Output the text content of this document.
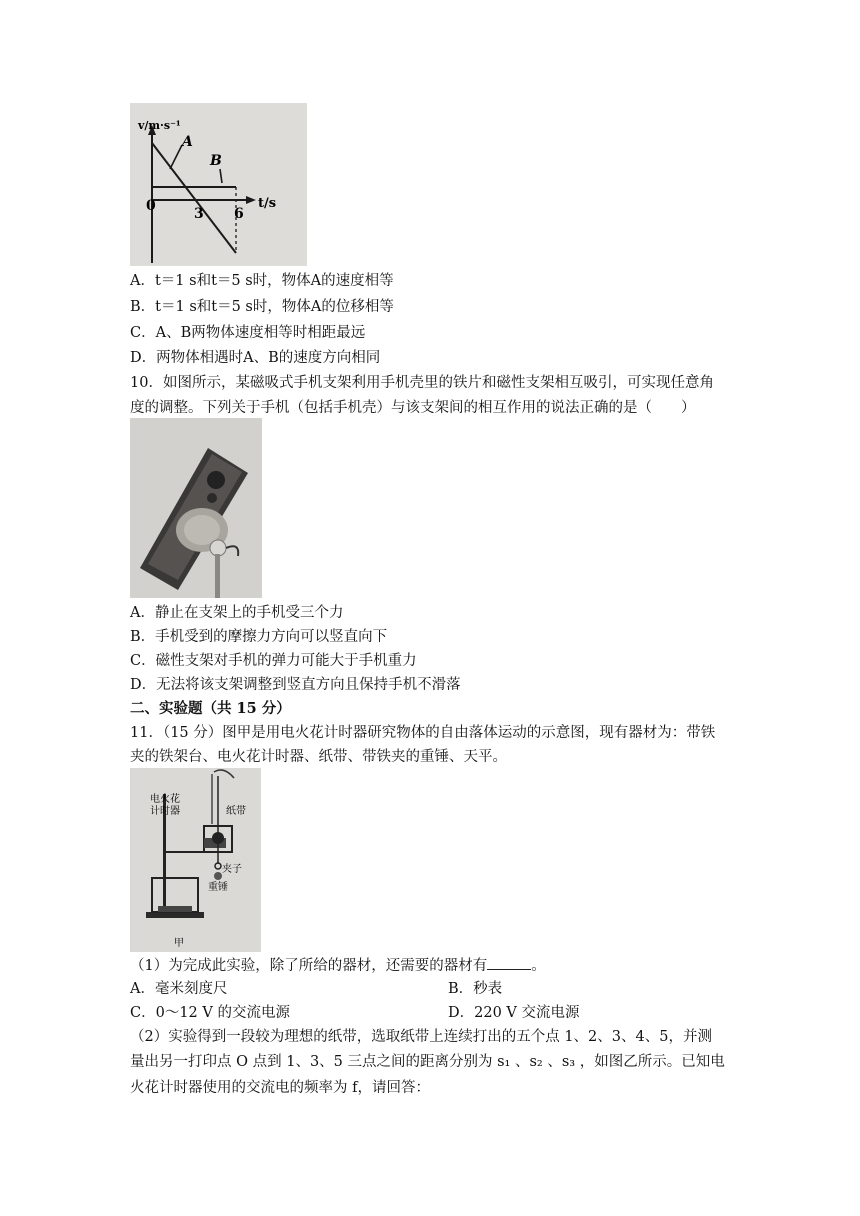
v/m·s⁻¹
A
B
0	3 6
t/s
A．t＝1 s和t＝5 s时，物体A的速度相等
B．t＝1 s和t＝5 s时，物体A的位移相等
C．A、B两物体速度相等时相距最远
D．两物体相遇时A、B的速度方向相同
10．如图所示，某磁吸式手机支架利用手机壳里的铁片和磁性支架相互吸引，可实现任意角
度的调整。下列关于手机（包括手机壳）与该支架间的相互作用的说法正确的是（　　）
A．静止在支架上的手机受三个力
B．手机受到的摩擦力方向可以竖直向下
C．磁性支架对手机的弹力可能大于手机重力
D．无法将该支架调整到竖直方向且保持手机不滑落
二、实验题（共 15 分）
11．（15 分）图甲是用电火花计时器研究物体的自由落体运动的示意图，现有器材为：带铁
夹的铁架台、电火花计时器、纸带、带铁夹的重锤、天平。
电火花
计时器	纸带
夹子
重锤
甲
（1）为完成此实验，除了所给的器材，还需要的器材有	。
A．毫米刻度尺	B．秒表
C．0～12 V 的交流电源	D．220 V 交流电源
（2）实验得到一段较为理想的纸带，选取纸带上连续打出的五个点 1、2、3、4、5，并测
量出另一打印点 O 点到 1、3、5 三点之间的距离分别为 s₁ 、s₂ 、s₃ ，如图乙所示。已知电
火花计时器使用的交流电的频率为 f，请回答：
